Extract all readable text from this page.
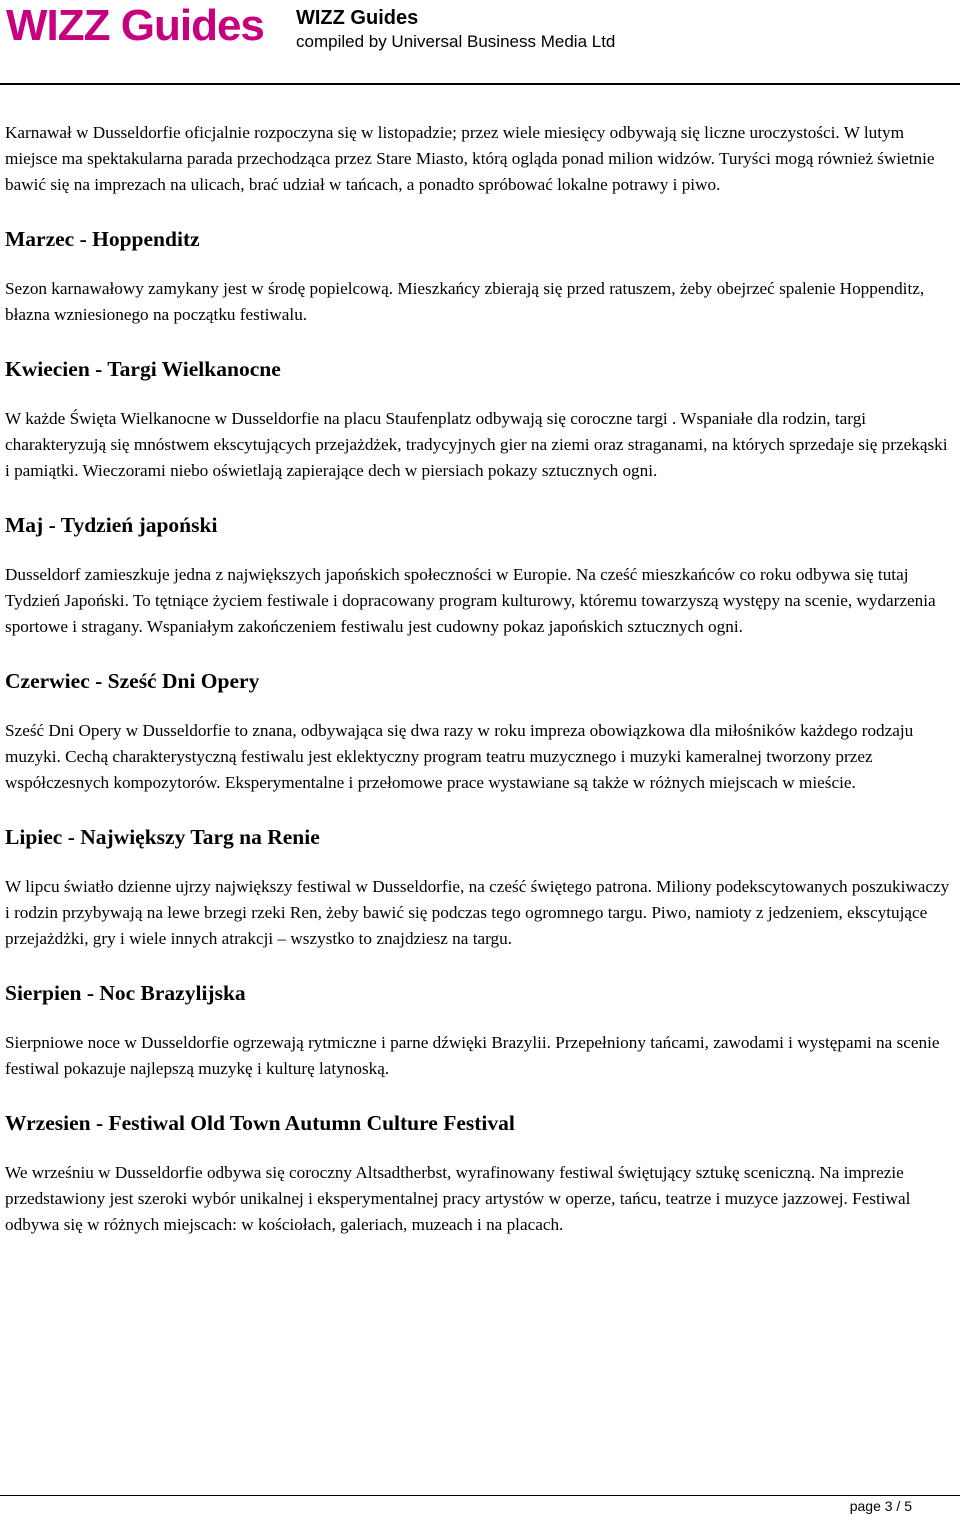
WIZZ Guides WIZZ Guides
compiled by Universal Business Media Ltd

Karnawał w Dusseldorfie oficjalnie rozpoczyna się w listopadzie; przez wiele miesięcy odbywają się liczne uroczystości. W lutym miejsce ma spektakularna parada przechodząca przez Stare Miasto, którą ogląda ponad milion widzów. Turyści mogą również świetnie bawić się na imprezach na ulicach, brać udział w tańcach, a ponadto spróbować lokalne potrawy i piwo.

Marzec - Hoppenditz

Sezon karnawałowy zamykany jest w środę popielcową. Mieszkańcy zbierają się przed ratuszem, żeby obejrzeć spalenie Hoppenditz, błazna wzniesionego na początku festiwalu.

Kwiecien - Targi Wielkanocne

W każde Święta Wielkanocne w Dusseldorfie na placu Staufenplatz odbywają się coroczne targi . Wspaniałe dla rodzin, targi charakteryzują się mnóstwem ekscytujących przejażdżek, tradycyjnych gier na ziemi oraz straganami, na których sprzedaje się przekąski i pamiątki. Wieczorami niebo oświetlają zapierające dech w piersiach pokazy sztucznych ogni.

Maj - Tydzień japoński

Dusseldorf zamieszkuje jedna z największych japońskich społeczności w Europie. Na cześć mieszkańców co roku odbywa się tutaj Tydzień Japoński. To tętniące życiem festiwale i dopracowany program kulturowy, któremu towarzyszą występy na scenie, wydarzenia sportowe i stragany. Wspaniałym zakończeniem festiwalu jest cudowny pokaz japońskich sztucznych ogni.

Czerwiec - Sześć Dni Opery

Sześć Dni Opery w Dusseldorfie to znana, odbywająca się dwa razy w roku impreza obowiązkowa dla miłośników każdego rodzaju muzyki. Cechą charakterystyczną festiwalu jest eklektyczny program teatru muzycznego i muzyki kameralnej tworzony przez współczesnych kompozytorów. Eksperymentalne i przełomowe prace wystawiane są także w różnych miejscach w mieście.

Lipiec - Największy Targ na Renie

W lipcu światło dzienne ujrzy największy festiwal w Dusseldorfie, na cześć świętego patrona. Miliony podekscytowanych poszukiwaczy i rodzin przybywają na lewe brzegi rzeki Ren, żeby bawić się podczas tego ogromnego targu. Piwo, namioty z jedzeniem, ekscytujące przejażdżki, gry i wiele innych atrakcji – wszystko to znajdziesz na targu.

Sierpien - Noc Brazylijska

Sierpniowe noce w Dusseldorfie ogrzewają rytmiczne i parne dźwięki Brazylii. Przepełniony tańcami, zawodami i występami na scenie festiwal pokazuje najlepszą muzykę i kulturę latynoską.

Wrzesien - Festiwal Old Town Autumn Culture Festival

We wrześniu w Dusseldorfie odbywa się coroczny Altsadtherbst, wyrafinowany festiwal świętujący sztukę sceniczną. Na imprezie przedstawiony jest szeroki wybór unikalnej i eksperymentalnej pracy artystów w operze, tańcu, teatrze i muzyce jazzowej. Festiwal odbywa się w różnych miejscach: w kościołach, galeriach, muzeach i na placach.

page 3 / 5
